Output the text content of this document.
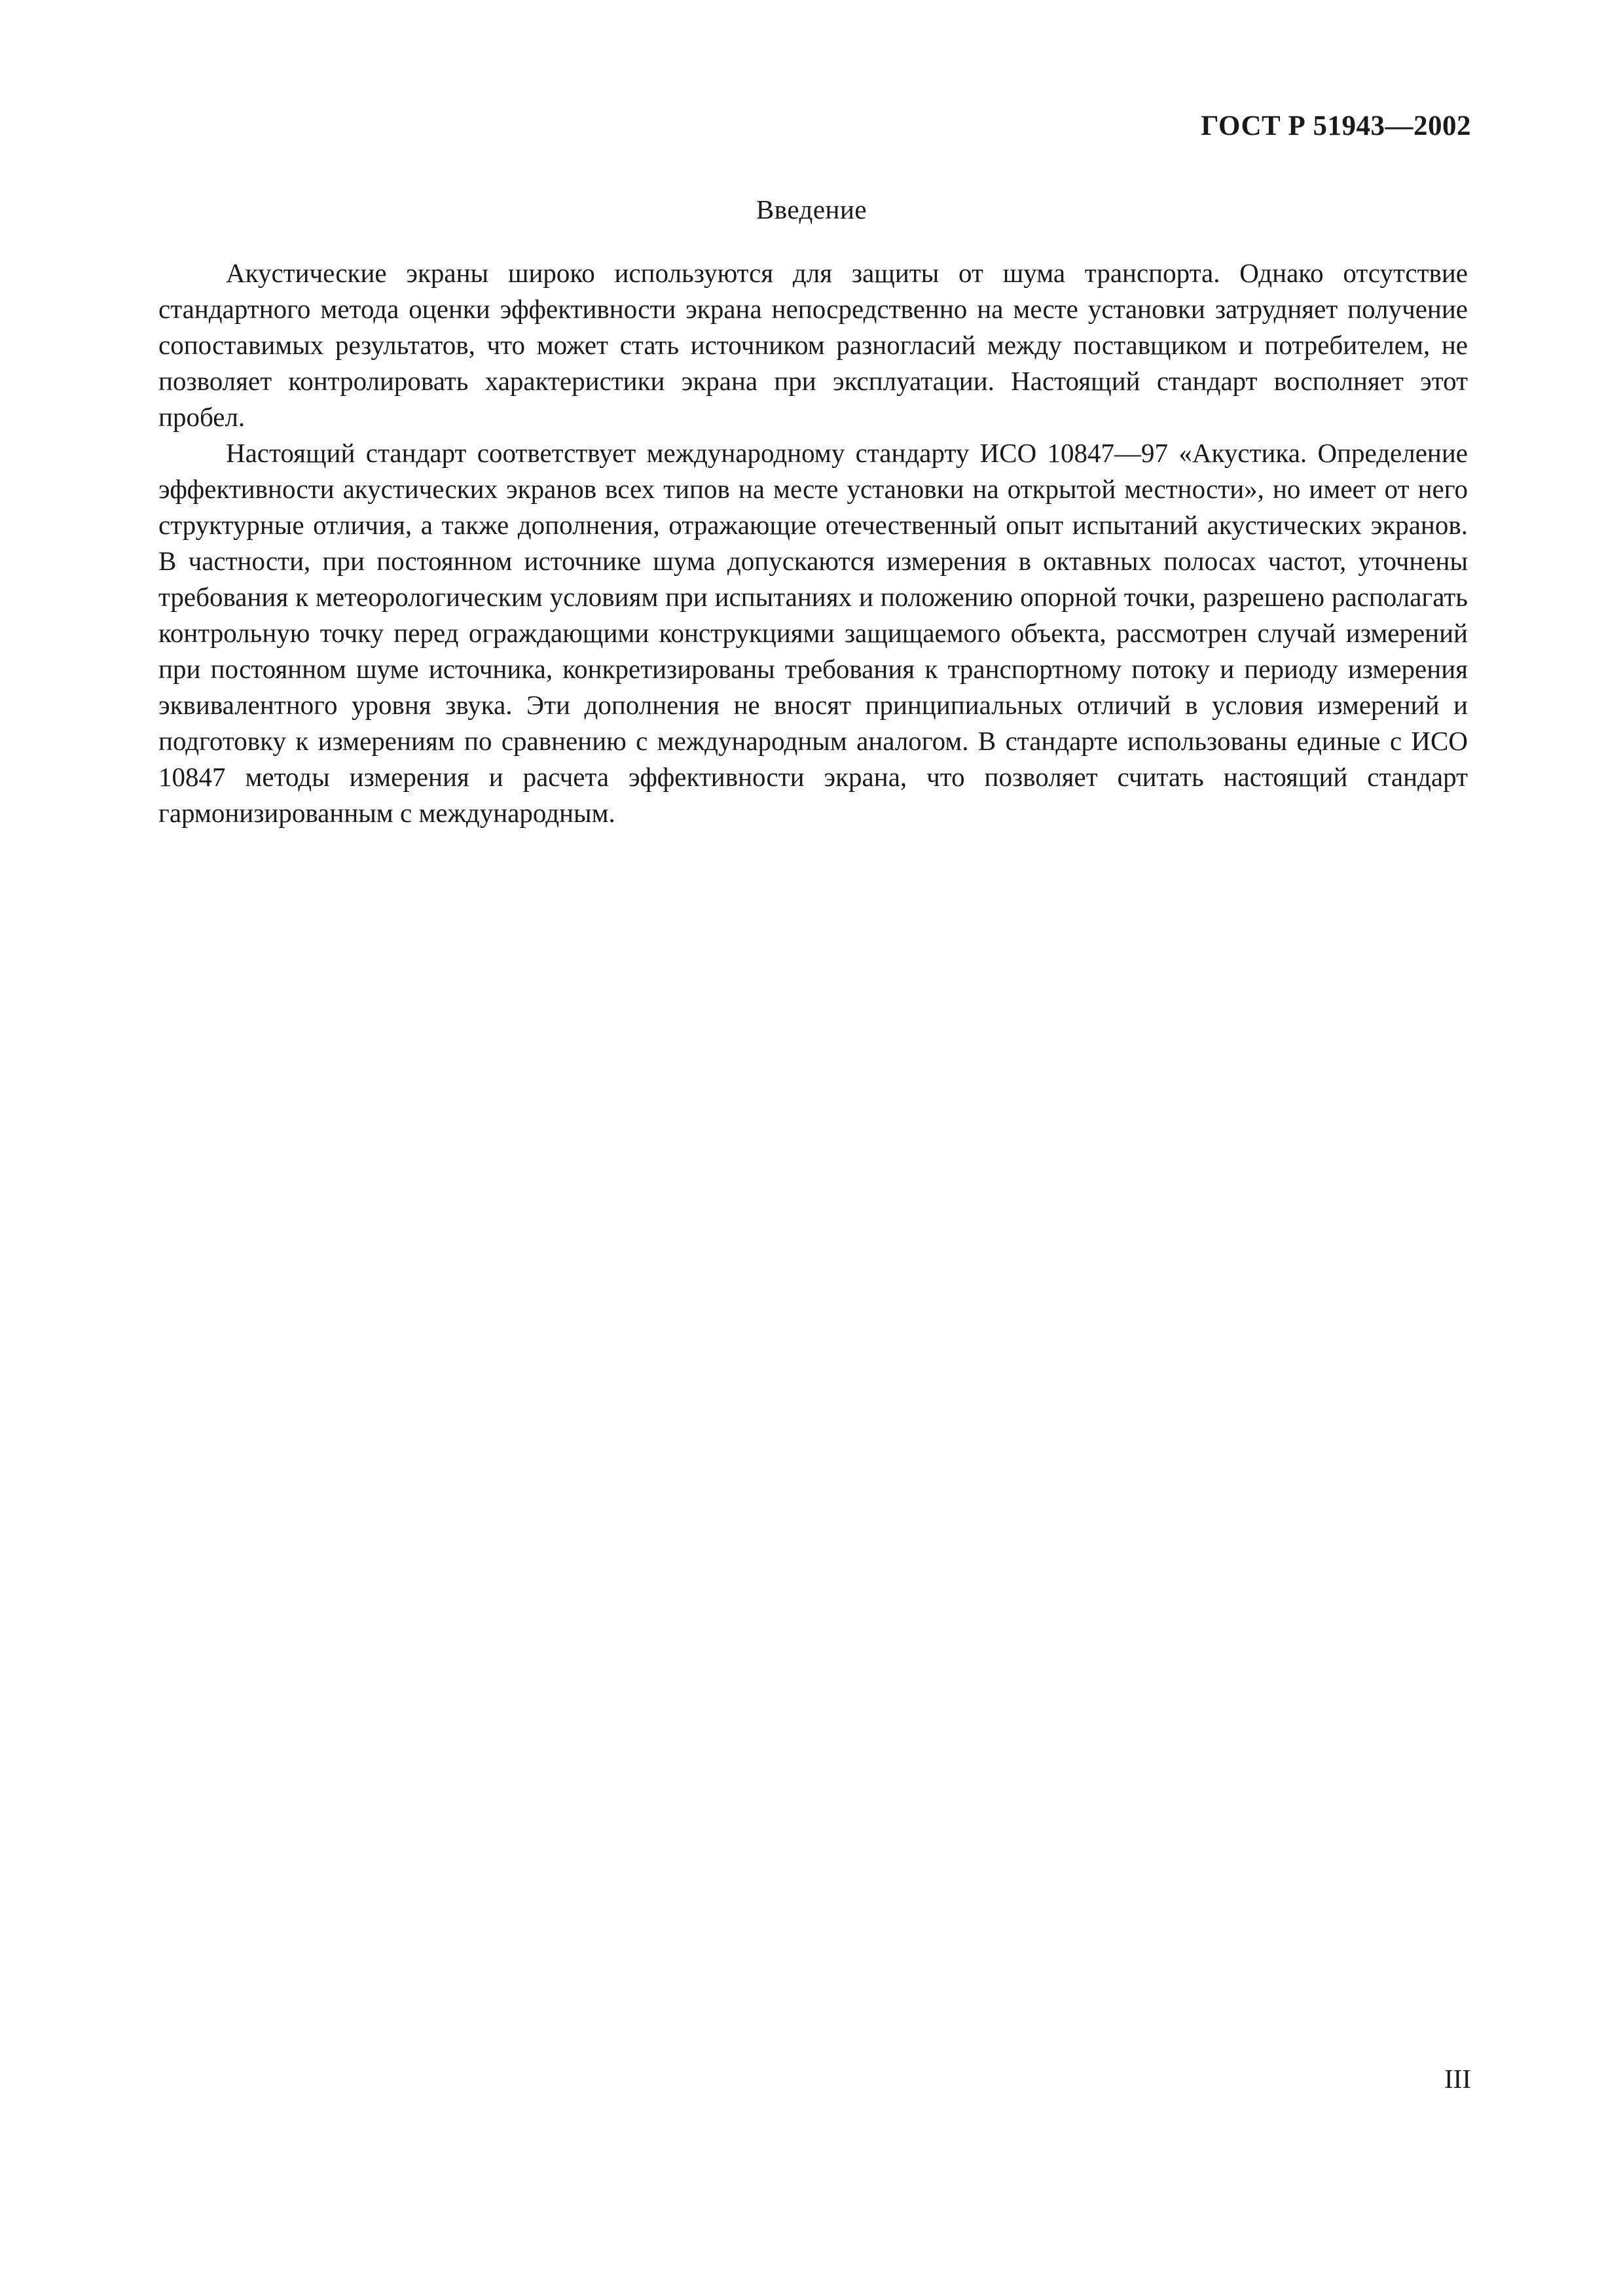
ГОСТ Р 51943—2002

Введение

Акустические экраны широко используются для защиты от шума транспорта. Однако отсутствие стандартного метода оценки эффективности экрана непосредственно на месте установки затрудняет получение сопоставимых результатов, что может стать источником разногласий между поставщиком и потребителем, не позволяет контролировать характеристики экрана при эксплуатации. Настоящий стандарт восполняет этот пробел.

Настоящий стандарт соответствует международному стандарту ИСО 10847—97 «Акустика. Определение эффективности акустических экранов всех типов на месте установки на открытой местности», но имеет от него структурные отличия, а также дополнения, отражающие отечественный опыт испытаний акустических экранов. В частности, при постоянном источнике шума допускаются измерения в октавных полосах частот, уточнены требования к метеорологическим условиям при испытаниях и положению опорной точки, разрешено располагать контрольную точку перед ограждающими конструкциями защищаемого объекта, рассмотрен случай измерений при постоянном шуме источника, конкретизированы требования к транспортному потоку и периоду измерения эквивалентного уровня звука. Эти дополнения не вносят принципиальных отличий в условия измерений и подготовку к измерениям по сравнению с международным аналогом. В стандарте использованы единые с ИСО 10847 методы измерения и расчета эффективности экрана, что позволяет считать настоящий стандарт гармонизированным с международным.

III
